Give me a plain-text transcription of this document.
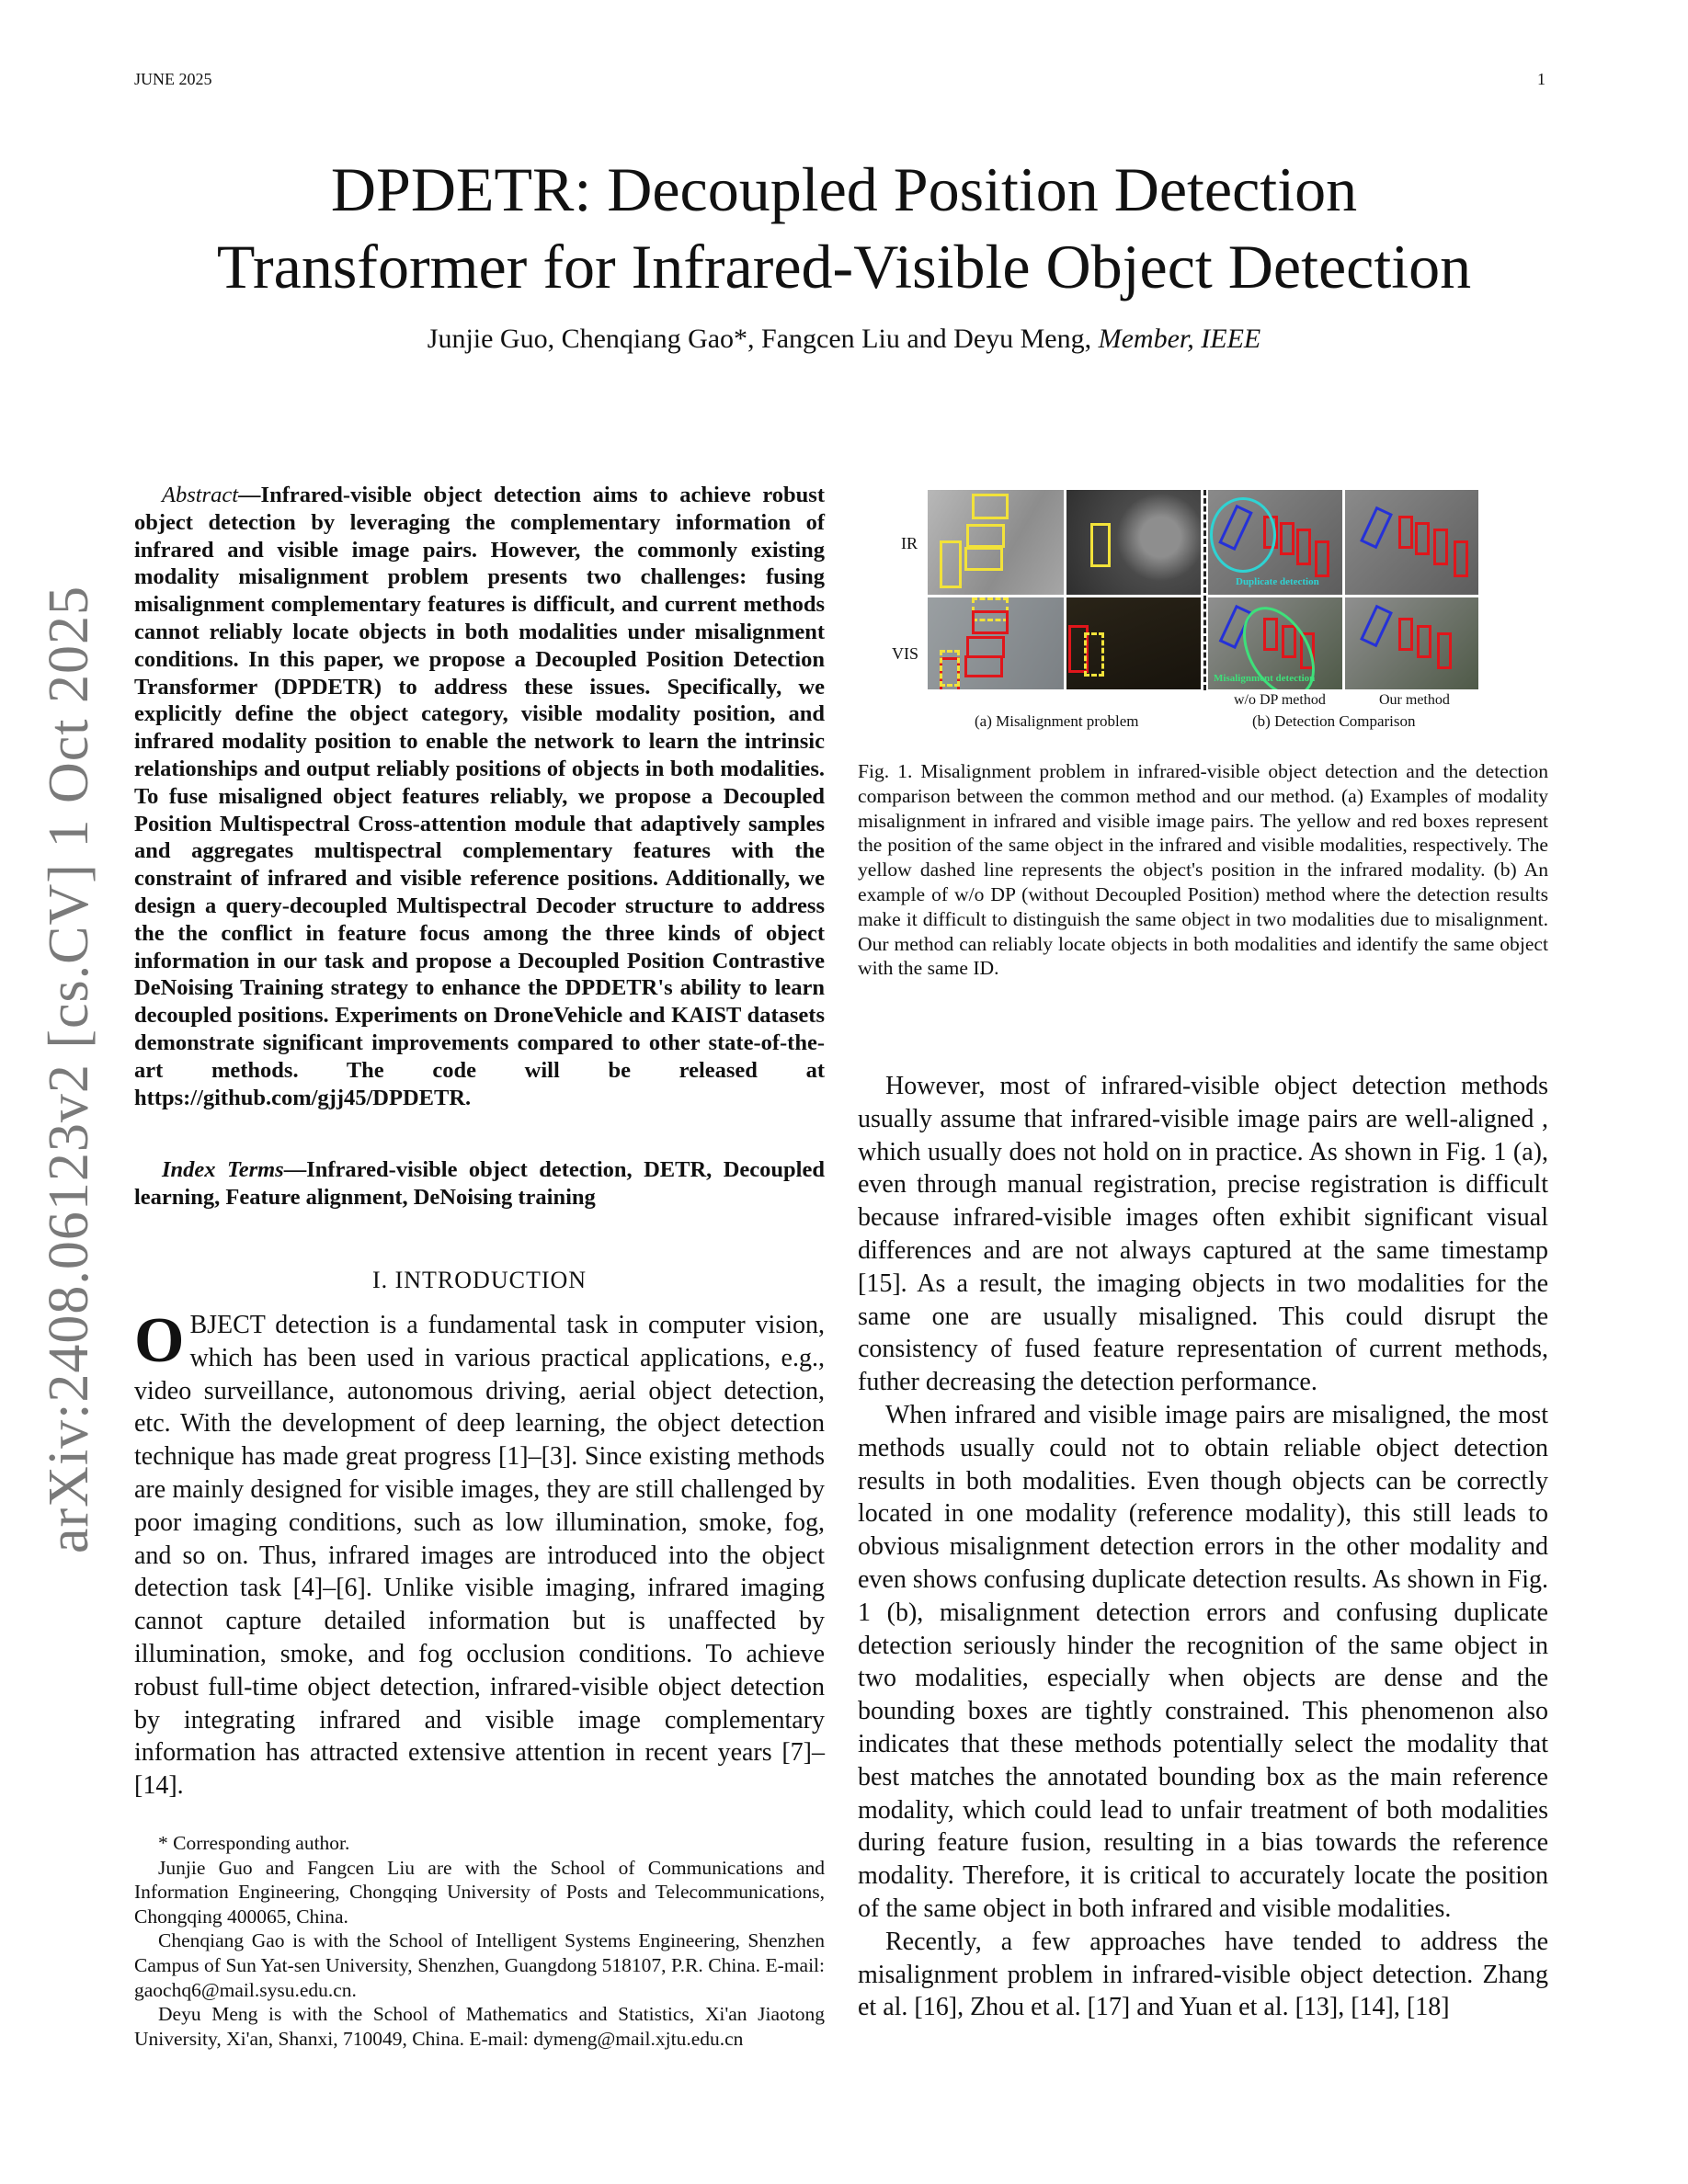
JUNE 2025	1
arXiv:2408.06123v2 [cs.CV] 1 Oct 2025
DPDETR: Decoupled Position Detection
Transformer for Infrared-Visible Object Detection
Junjie Guo, Chenqiang Gao*, Fangcen Liu and Deyu Meng, Member, IEEE
Abstract—Infrared-visible object detection aims to achieve robust object detection by leveraging the complementary information of infrared and visible image pairs. However, the commonly existing modality misalignment problem presents two challenges: fusing misalignment complementary features is difficult, and current methods cannot reliably locate objects in both modalities under misalignment conditions. In this paper, we propose a Decoupled Position Detection Transformer (DPDETR) to address these issues. Specifically, we explicitly define the object category, visible modality position, and infrared modality position to enable the network to learn the intrinsic relationships and output reliably positions of objects in both modalities. To fuse misaligned object features reliably, we propose a Decoupled Position Multispectral Cross-attention module that adaptively samples and aggregates multispectral complementary features with the constraint of infrared and visible reference positions. Additionally, we design a query-decoupled Multispectral Decoder structure to address the the conflict in feature focus among the three kinds of object information in our task and propose a Decoupled Position Contrastive DeNoising Training strategy to enhance the DPDETR's ability to learn decoupled positions. Experiments on DroneVehicle and KAIST datasets demonstrate significant improvements compared to other state-of-the-art methods. The code will be released at https://github.com/gjj45/DPDETR.
Index Terms—Infrared-visible object detection, DETR, Decoupled learning, Feature alignment, DeNoising training
I. INTRODUCTION

OBJECT detection is a fundamental task in computer vision, which has been used in various practical applications, e.g., video surveillance, autonomous driving, aerial object detection, etc. With the development of deep learning, the object detection technique has made great progress [1]–[3]. Since existing methods are mainly designed for visible images, they are still challenged by poor imaging conditions, such as low illumination, smoke, fog, and so on. Thus, infrared images are introduced into the object detection task [4]–[6]. Unlike visible imaging, infrared imaging cannot capture detailed information but is unaffected by illumination, smoke, and fog occlusion conditions. To achieve robust full-time object detection, infrared-visible object detection by integrating infrared and visible image complementary information has attracted extensive attention in recent years [7]–[14].

* Corresponding author.

Junjie Guo and Fangcen Liu are with the School of Communications and Information Engineering, Chongqing University of Posts and Telecommunications, Chongqing 400065, China.

Chenqiang Gao is with the School of Intelligent Systems Engineering, Shenzhen Campus of Sun Yat-sen University, Shenzhen, Guangdong 518107, P.R. China. E-mail: gaochq6@mail.sysu.edu.cn.

Deyu Meng is with the School of Mathematics and Statistics, Xi'an Jiaotong University, Xi'an, Shanxi, 710049, China. E-mail: dymeng@mail.xjtu.edu.cn

IR
VIS
Duplicate detection
Misalignment detection
w/o DP method	Our method
(a) Misalignment problem	(b) Detection Comparison
Fig. 1. Misalignment problem in infrared-visible object detection and the detection comparison between the common method and our method. (a) Examples of modality misalignment in infrared and visible image pairs. The yellow and red boxes represent the position of the same object in the infrared and visible modalities, respectively. The yellow dashed line represents the object's position in the infrared modality. (b) An example of w/o DP (without Decoupled Position) method where the detection results make it difficult to distinguish the same object in two modalities due to misalignment. Our method can reliably locate objects in both modalities and identify the same object with the same ID.

However, most of infrared-visible object detection methods usually assume that infrared-visible image pairs are well-aligned , which usually does not hold on in practice. As shown in Fig. 1 (a), even through manual registration, precise registration is difficult because infrared-visible images often exhibit significant visual differences and are not always captured at the same timestamp [15]. As a result, the imaging objects in two modalities for the same one are usually misaligned. This could disrupt the consistency of fused feature representation of current methods, futher decreasing the detection performance.

When infrared and visible image pairs are misaligned, the most methods usually could not to obtain reliable object detection results in both modalities. Even though objects can be correctly located in one modality (reference modality), this still leads to obvious misalignment detection errors in the other modality and even shows confusing duplicate detection results. As shown in Fig. 1 (b), misalignment detection errors and confusing duplicate detection seriously hinder the recognition of the same object in two modalities, especially when objects are dense and the bounding boxes are tightly constrained. This phenomenon also indicates that these methods potentially select the modality that best matches the annotated bounding box as the main reference modality, which could lead to unfair treatment of both modalities during feature fusion, resulting in a bias towards the reference modality. Therefore, it is critical to accurately locate the position of the same object in both infrared and visible modalities.

Recently, a few approaches have tended to address the misalignment problem in infrared-visible object detection. Zhang et al. [16], Zhou et al. [17] and Yuan et al. [13], [14], [18]
